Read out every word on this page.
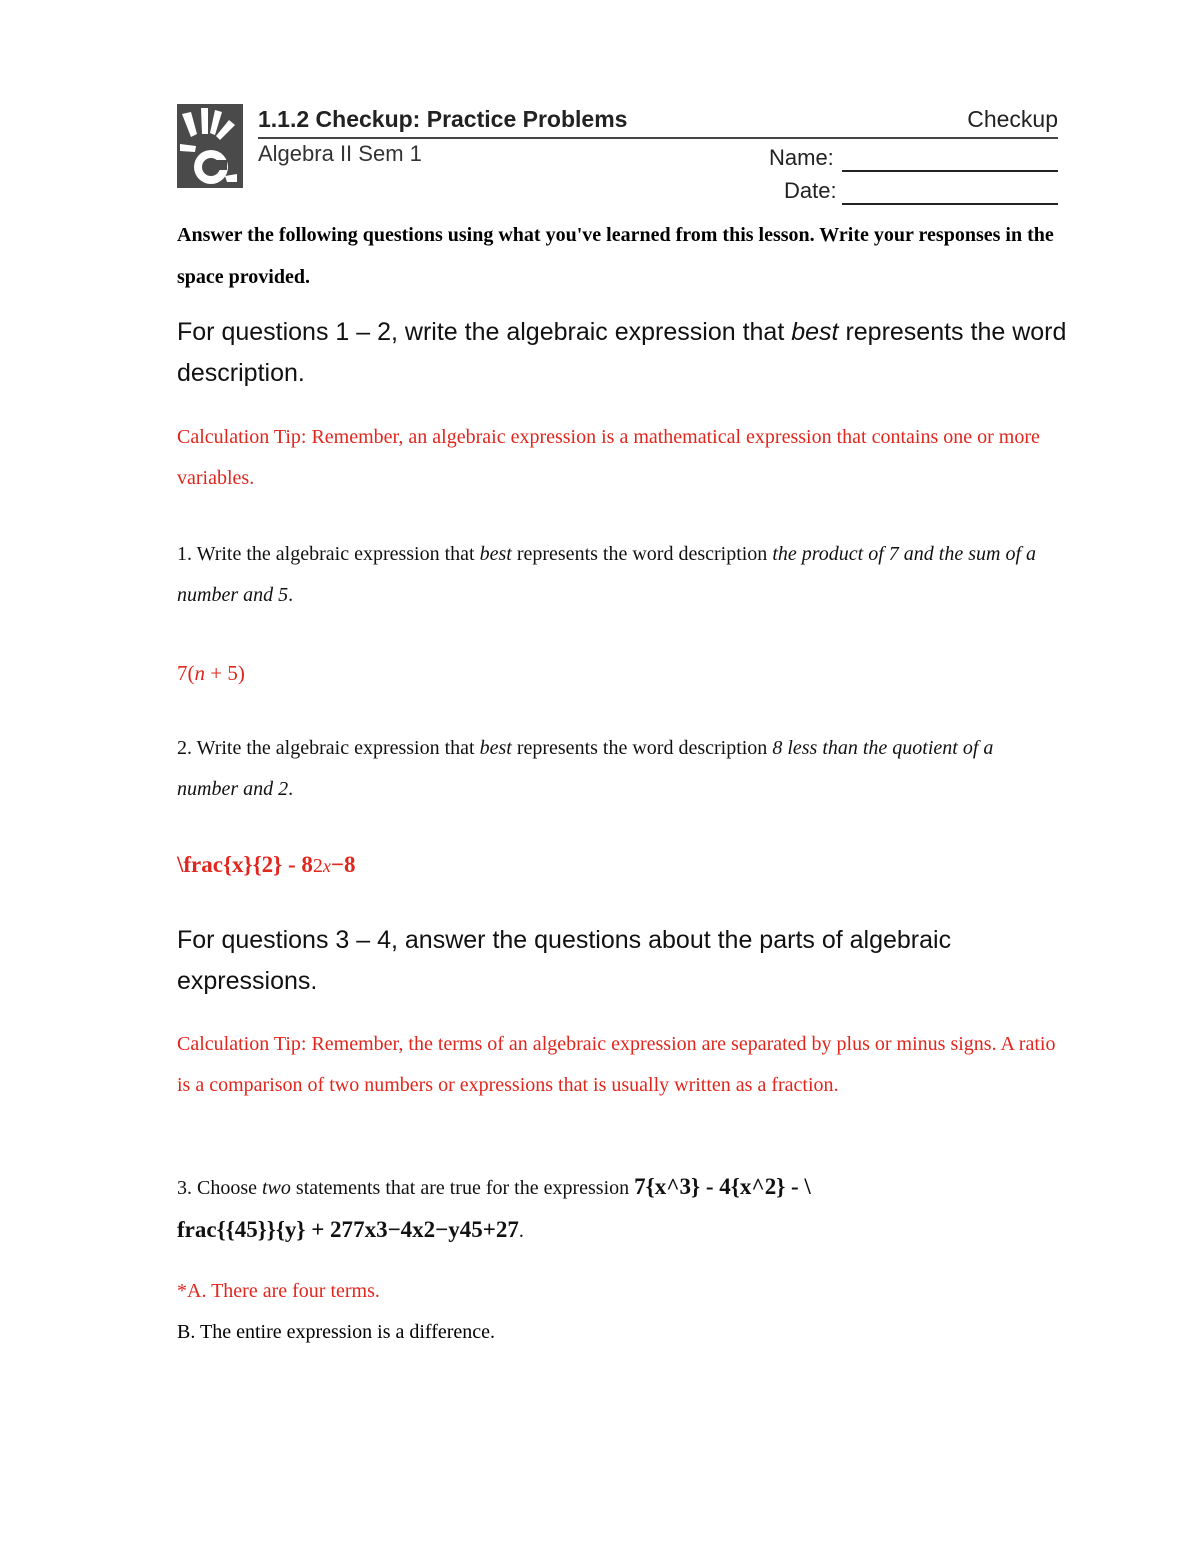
1.1.2 Checkup: Practice Problems	Checkup
Algebra II Sem 1	Name:
Date:
Answer the following questions using what you've learned from this lesson. Write your responses in the space provided.
For questions 1 – 2, write the algebraic expression that best represents the word description.
Calculation Tip: Remember, an algebraic expression is a mathematical expression that contains one or more variables.
1. Write the algebraic expression that best represents the word description the product of 7 and the sum of a number and 5.
7(n + 5)
2. Write the algebraic expression that best represents the word description 8 less than the quotient of a number and 2.
\frac{x}{2} - 82x−8
For questions 3 – 4, answer the questions about the parts of algebraic expressions.
Calculation Tip: Remember, the terms of an algebraic expression are separated by plus or minus signs. A ratio is a comparison of two numbers or expressions that is usually written as a fraction.
3. Choose two statements that are true for the expression 7{x^3} - 4{x^2} - \
frac{{45}}{y} + 277x3−4x2−y45+27.
*A. There are four terms.
B. The entire expression is a difference.
